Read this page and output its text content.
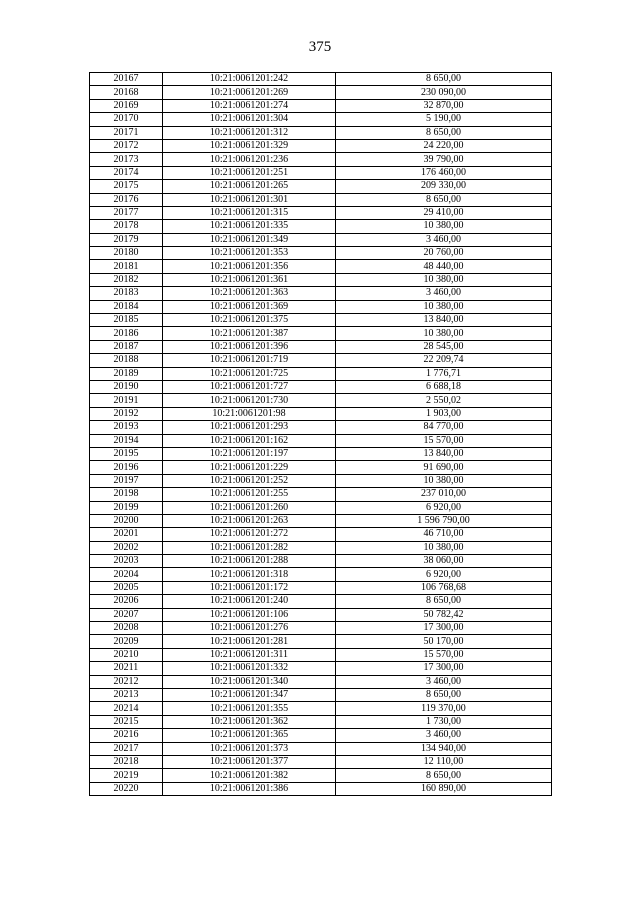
375
20167	10:21:0061201:242	8 650,00
20168	10:21:0061201:269	230 090,00
20169	10:21:0061201:274	32 870,00
20170	10:21:0061201:304	5 190,00
20171	10:21:0061201:312	8 650,00
20172	10:21:0061201:329	24 220,00
20173	10:21:0061201:236	39 790,00
20174	10:21:0061201:251	176 460,00
20175	10:21:0061201:265	209 330,00
20176	10:21:0061201:301	8 650,00
20177	10:21:0061201:315	29 410,00
20178	10:21:0061201:335	10 380,00
20179	10:21:0061201:349	3 460,00
20180	10:21:0061201:353	20 760,00
20181	10:21:0061201:356	48 440,00
20182	10:21:0061201:361	10 380,00
20183	10:21:0061201:363	3 460,00
20184	10:21:0061201:369	10 380,00
20185	10:21:0061201:375	13 840,00
20186	10:21:0061201:387	10 380,00
20187	10:21:0061201:396	28 545,00
20188	10:21:0061201:719	22 209,74
20189	10:21:0061201:725	1 776,71
20190	10:21:0061201:727	6 688,18
20191	10:21:0061201:730	2 550,02
20192	10:21:0061201:98	1 903,00
20193	10:21:0061201:293	84 770,00
20194	10:21:0061201:162	15 570,00
20195	10:21:0061201:197	13 840,00
20196	10:21:0061201:229	91 690,00
20197	10:21:0061201:252	10 380,00
20198	10:21:0061201:255	237 010,00
20199	10:21:0061201:260	6 920,00
20200	10:21:0061201:263	1 596 790,00
20201	10:21:0061201:272	46 710,00
20202	10:21:0061201:282	10 380,00
20203	10:21:0061201:288	38 060,00
20204	10:21:0061201:318	6 920,00
20205	10:21:0061201:172	106 768,68
20206	10:21:0061201:240	8 650,00
20207	10:21:0061201:106	50 782,42
20208	10:21:0061201:276	17 300,00
20209	10:21:0061201:281	50 170,00
20210	10:21:0061201:311	15 570,00
20211	10:21:0061201:332	17 300,00
20212	10:21:0061201:340	3 460,00
20213	10:21:0061201:347	8 650,00
20214	10:21:0061201:355	119 370,00
20215	10:21:0061201:362	1 730,00
20216	10:21:0061201:365	3 460,00
20217	10:21:0061201:373	134 940,00
20218	10:21:0061201:377	12 110,00
20219	10:21:0061201:382	8 650,00
20220	10:21:0061201:386	160 890,00
